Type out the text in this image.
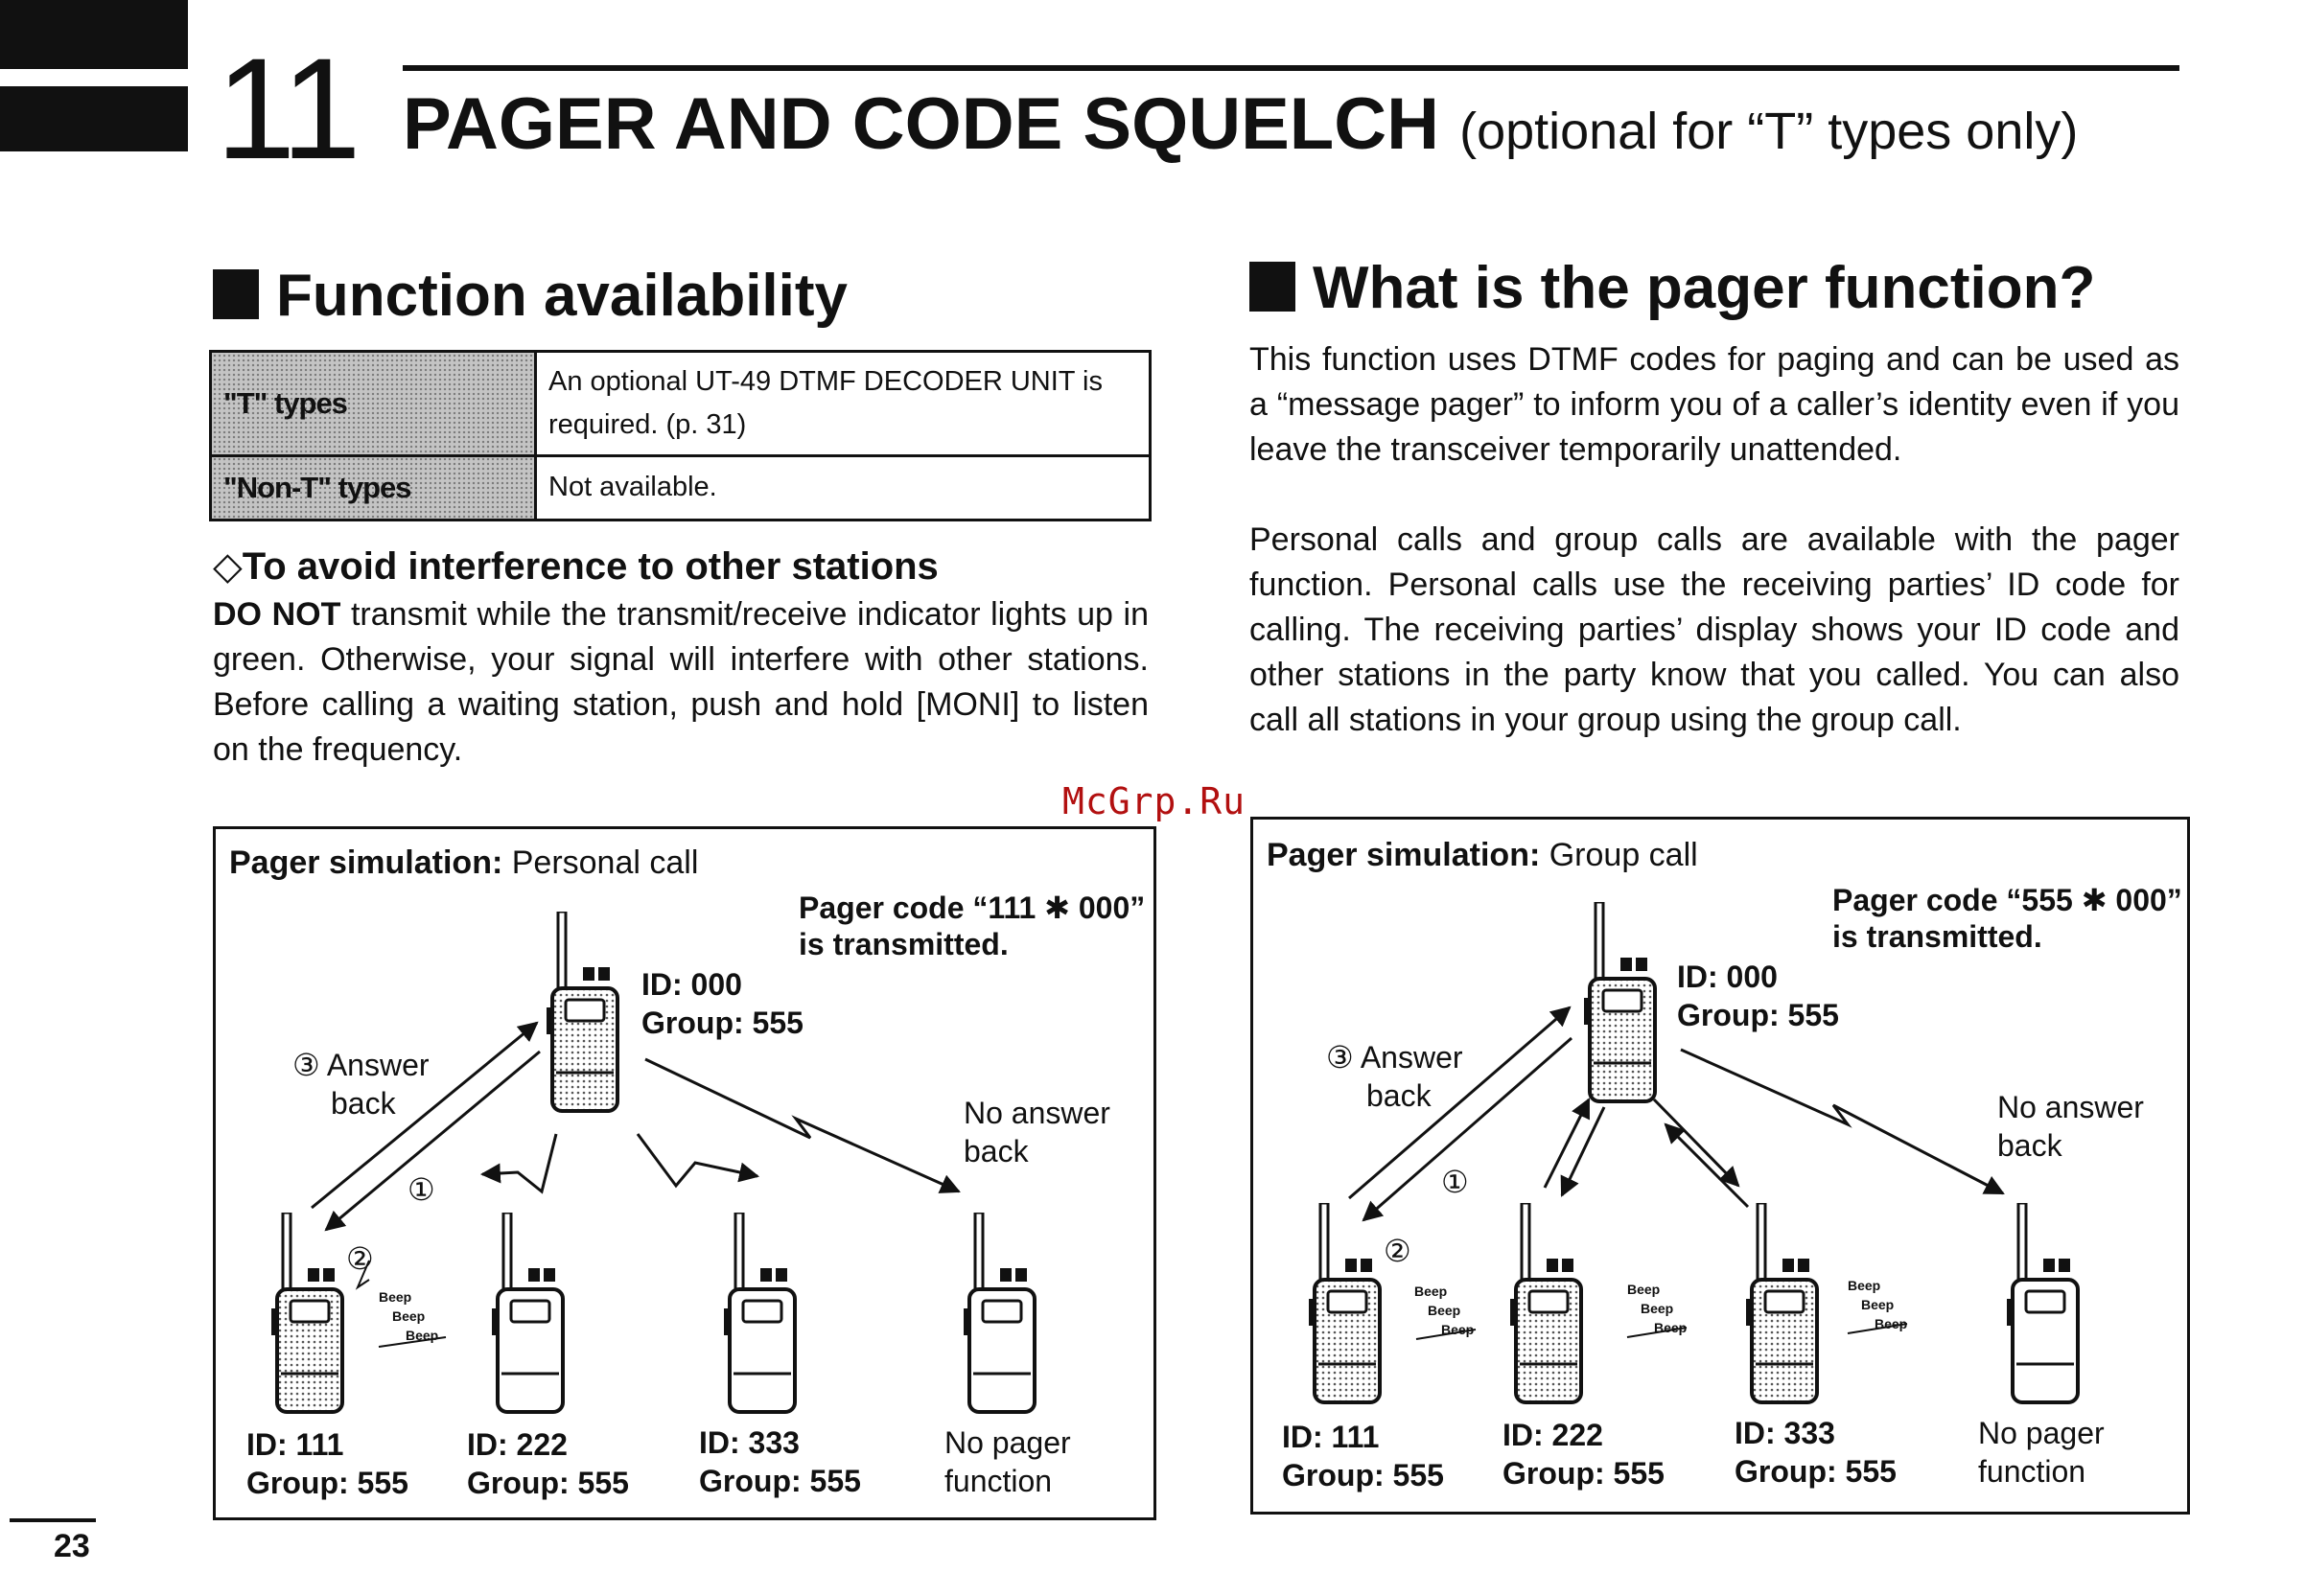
11 PAGER AND CODE SQUELCH (optional for “T” types only)
Function availability
"T" types	An optional UT-49 DTMF DECODER UNIT is required. (p. 31)
"Non-T" types	Not available.
◇To avoid interference to other stations
DO NOT transmit while the transmit/receive indicator lights up in green. Otherwise, your signal will interfere with other stations. Before calling a waiting station, push and hold [MONI] to listen on the frequency.
What is the pager function?
This function uses DTMF codes for paging and can be used as a “message pager” to inform you of a caller’s identity even if you leave the transceiver temporarily unattended.
Personal calls and group calls are available with the pager function. Personal calls use the receiving parties’ ID code for calling. The receiving parties’ display shows your ID code and other stations in the party know that you called. You can also call all stations in your group using the group call.
McGrp.Ru
Pager simulation: Personal call
Pager code “111 ✱ 000”
is transmitted.
ID: 000
Group: 555
③ Answer
back	No answer
back
①
②
Beep
Beep
Beep
ID: 111
Group: 555
ID: 222
Group: 555
ID: 333
Group: 555
No pager
function
Pager simulation: Group call
Pager code “555 ✱ 000”
is transmitted.
ID: 000
Group: 555
③ Answer
back	No answer
back
①
②
Beep
Beep
Beep
Beep
Beep
Beep
Beep
Beep
Beep
ID: 111
Group: 555
ID: 222
Group: 555
ID: 333
Group: 555
No pager
function
23
